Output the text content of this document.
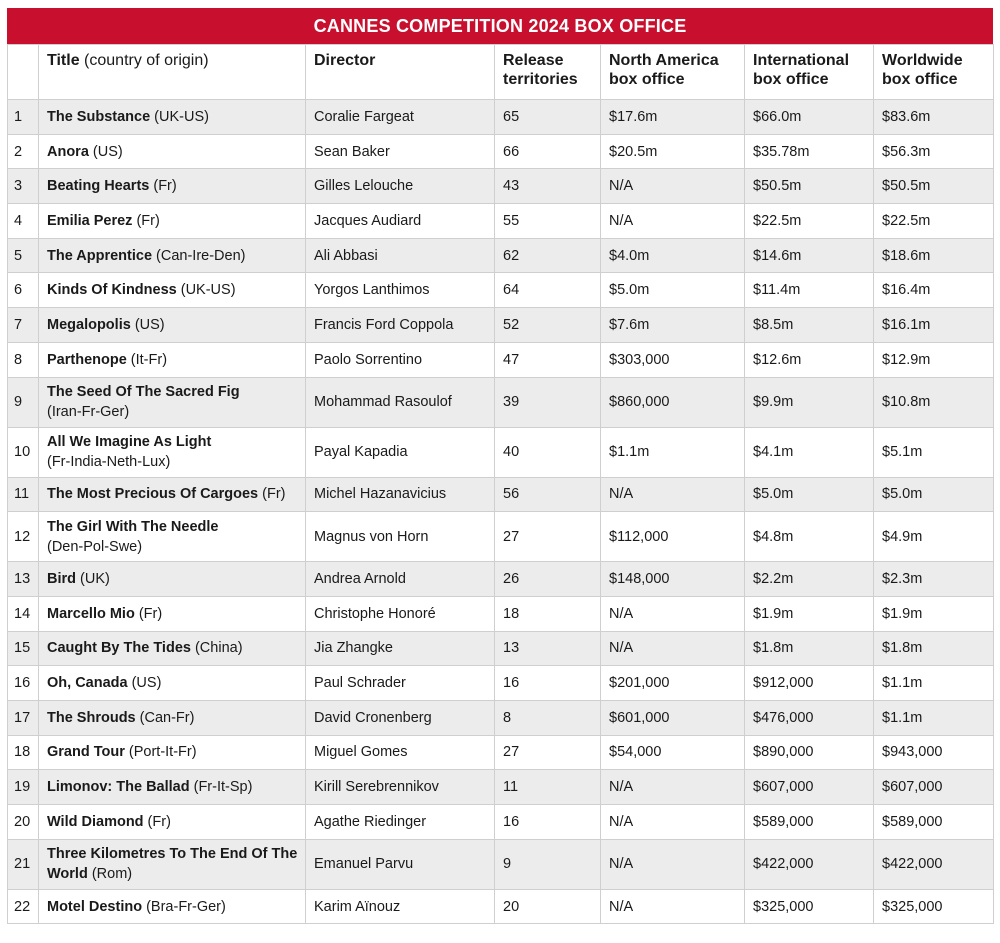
CANNES COMPETITION 2024 BOX OFFICE
	Title (country of origin)	Director	Release territories	North America box office	International box office	Worldwide box office
1	The Substance (UK-US)	Coralie Fargeat	65	$17.6m	$66.0m	$83.6m
2	Anora (US)	Sean Baker	66	$20.5m	$35.78m	$56.3m
3	Beating Hearts (Fr)	Gilles Lelouche	43	N/A	$50.5m	$50.5m
4	Emilia Perez (Fr)	Jacques Audiard	55	N/A	$22.5m	$22.5m
5	The Apprentice (Can-Ire-Den)	Ali Abbasi	62	$4.0m	$14.6m	$18.6m
6	Kinds Of Kindness (UK-US)	Yorgos Lanthimos	64	$5.0m	$11.4m	$16.4m
7	Megalopolis (US)	Francis Ford Coppola	52	$7.6m	$8.5m	$16.1m
8	Parthenope (It-Fr)	Paolo Sorrentino	47	$303,000	$12.6m	$12.9m
9	The Seed Of The Sacred Fig
(Iran-Fr-Ger)	Mohammad Rasoulof	39	$860,000	$9.9m	$10.8m
10	All We Imagine As Light
(Fr-India-Neth-Lux)	Payal Kapadia	40	$1.1m	$4.1m	$5.1m
11	The Most Precious Of Cargoes (Fr)	Michel Hazanavicius	56	N/A	$5.0m	$5.0m
12	The Girl With The Needle
(Den-Pol-Swe)	Magnus von Horn	27	$112,000	$4.8m	$4.9m
13	Bird (UK)	Andrea Arnold	26	$148,000	$2.2m	$2.3m
14	Marcello Mio (Fr)	Christophe Honoré	18	N/A	$1.9m	$1.9m
15	Caught By The Tides (China)	Jia Zhangke	13	N/A	$1.8m	$1.8m
16	Oh, Canada (US)	Paul Schrader	16	$201,000	$912,000	$1.1m
17	The Shrouds (Can-Fr)	David Cronenberg	8	$601,000	$476,000	$1.1m
18	Grand Tour (Port-It-Fr)	Miguel Gomes	27	$54,000	$890,000	$943,000
19	Limonov: The Ballad (Fr-It-Sp)	Kirill Serebrennikov	11	N/A	$607,000	$607,000
20	Wild Diamond (Fr)	Agathe Riedinger	16	N/A	$589,000	$589,000
21	Three Kilometres To The End Of The World (Rom)	Emanuel Parvu	9	N/A	$422,000	$422,000
22	Motel Destino (Bra-Fr-Ger)	Karim Aïnouz	20	N/A	$325,000	$325,000
